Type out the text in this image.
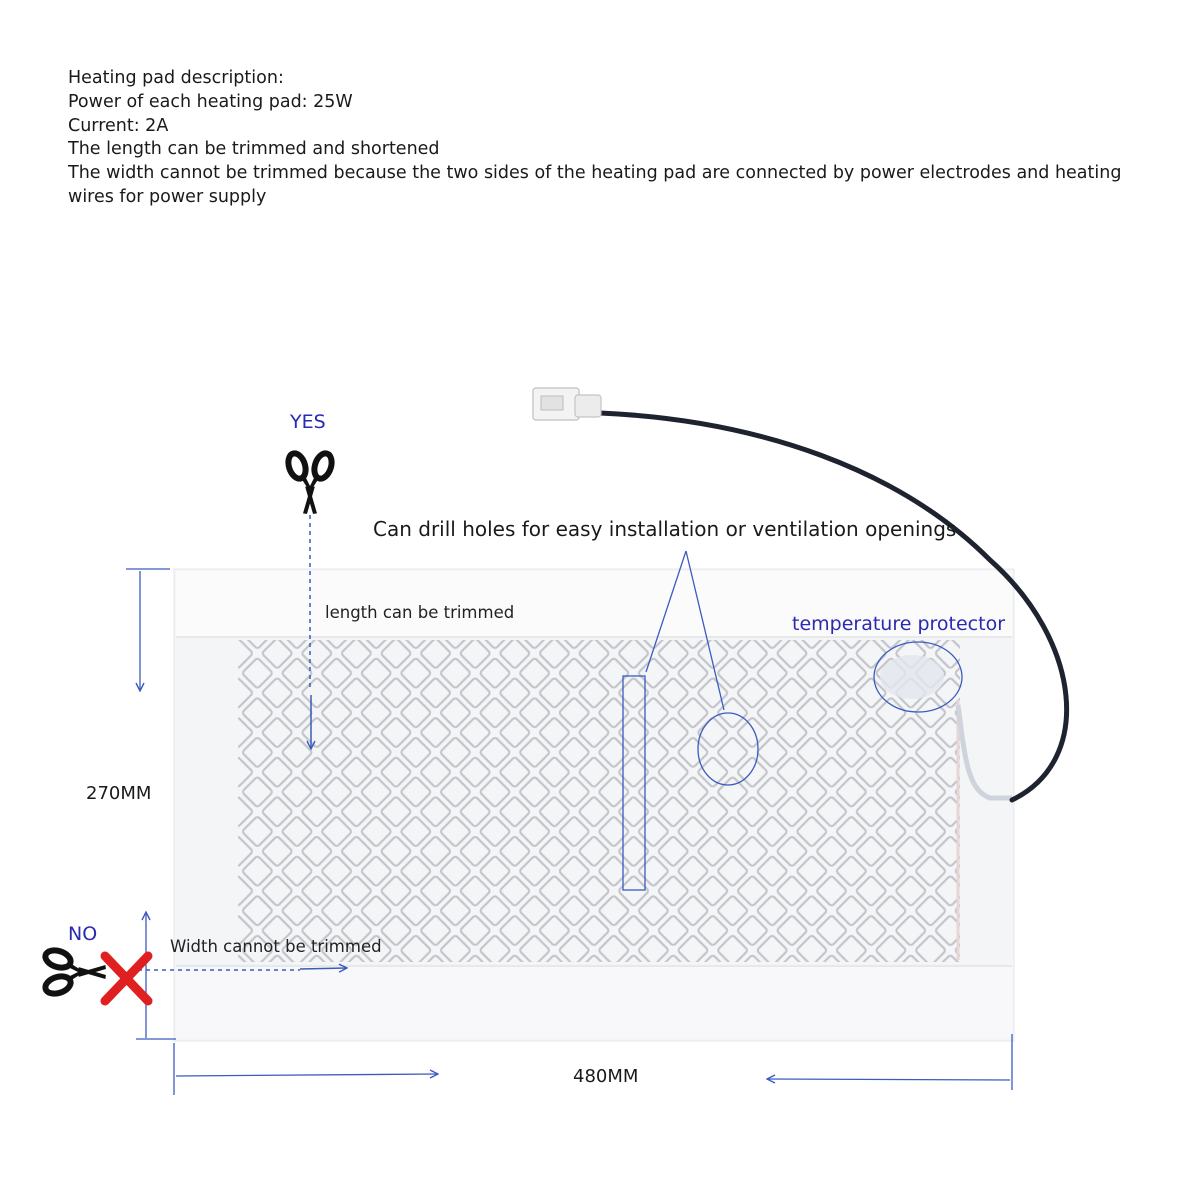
Heating pad description:
Power of each heating pad: 25W
Current: 2A
The length can be trimmed and shortened
The width cannot be trimmed because the two sides of the heating pad are connected by power electrodes and heating wires for power supply
YES
NO
length can be trimmed
Width cannot be trimmed
Can drill holes for easy installation or ventilation openings
temperature protector
270MM
480MM
